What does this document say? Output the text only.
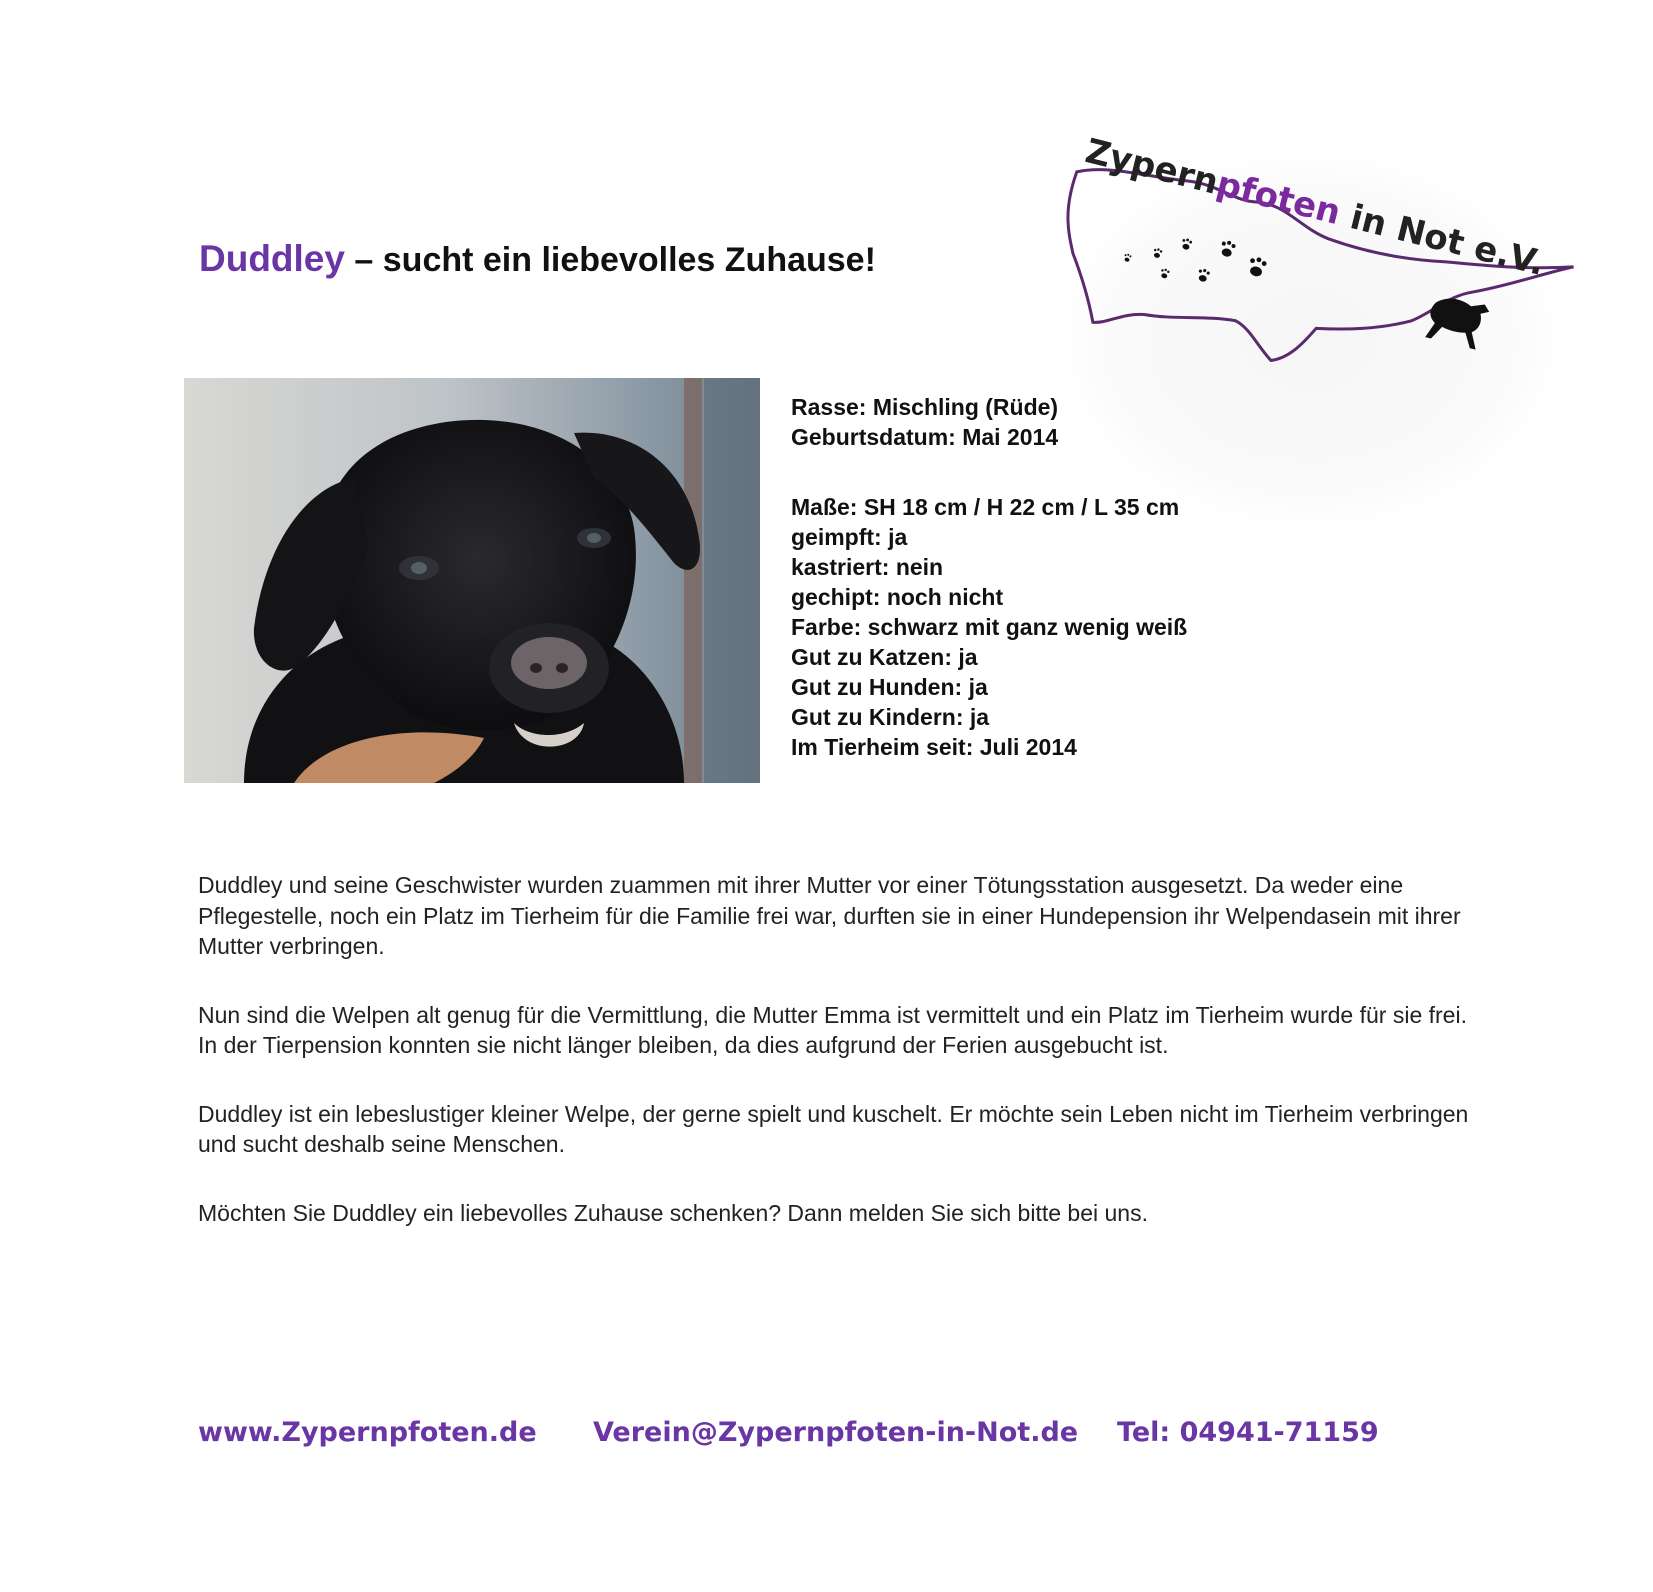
Duddley – sucht ein liebevolles Zuhause!
Zypernpfoten in Not e.V.
Rasse: Mischling (Rüde)
Geburtsdatum: Mai 2014
Maße: SH 18 cm / H 22 cm / L 35 cm
geimpft: ja
kastriert: nein
gechipt: noch nicht
Farbe: schwarz mit ganz wenig weiß
Gut zu Katzen: ja
Gut zu Hunden: ja
Gut zu Kindern: ja
Im Tierheim seit: Juli 2014

Duddley und seine Geschwister wurden zuammen mit ihrer Mutter vor einer Tötungsstation ausgesetzt. Da weder eine Pflegestelle, noch ein Platz im Tierheim für die Familie frei war, durften sie in einer Hundepension ihr Welpendasein mit ihrer Mutter verbringen.

Nun sind die Welpen alt genug für die Vermittlung, die Mutter Emma ist vermittelt und ein Platz im Tierheim wurde für sie frei. In der Tierpension konnten sie nicht länger bleiben, da dies aufgrund der Ferien ausgebucht ist.

Duddley ist ein lebeslustiger kleiner Welpe, der gerne spielt und kuschelt. Er möchte sein Leben nicht im Tierheim verbringen und sucht deshalb seine Menschen.

Möchten Sie Duddley ein liebevolles Zuhause schenken? Dann melden Sie sich bitte bei uns.

www.Zypernpfoten.de Verein@Zypernpfoten-in-Not.de Tel: 04941-71159
